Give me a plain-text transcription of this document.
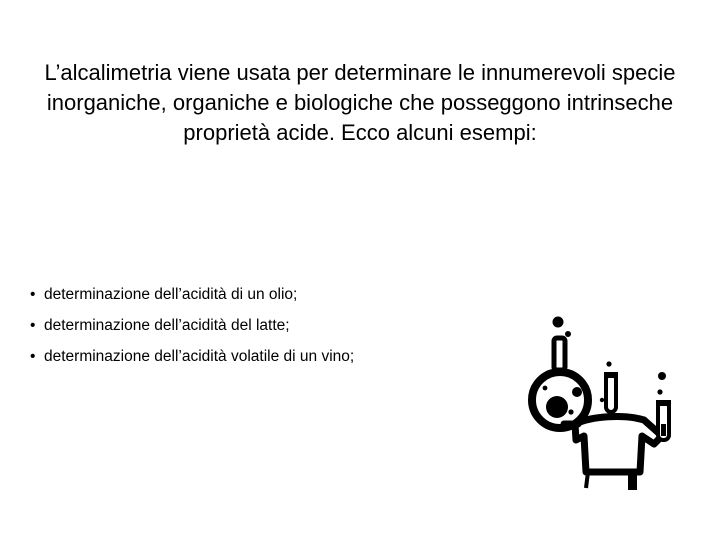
L’alcalimetria viene usata per determinare le innumerevoli specie inorganiche, organiche e biologiche che posseggono intrinseche proprietà acide. Ecco alcuni esempi:

• determinazione dell’acidità di un olio;
• determinazione dell’acidità del latte;
• determinazione dell’acidità volatile di un vino;
